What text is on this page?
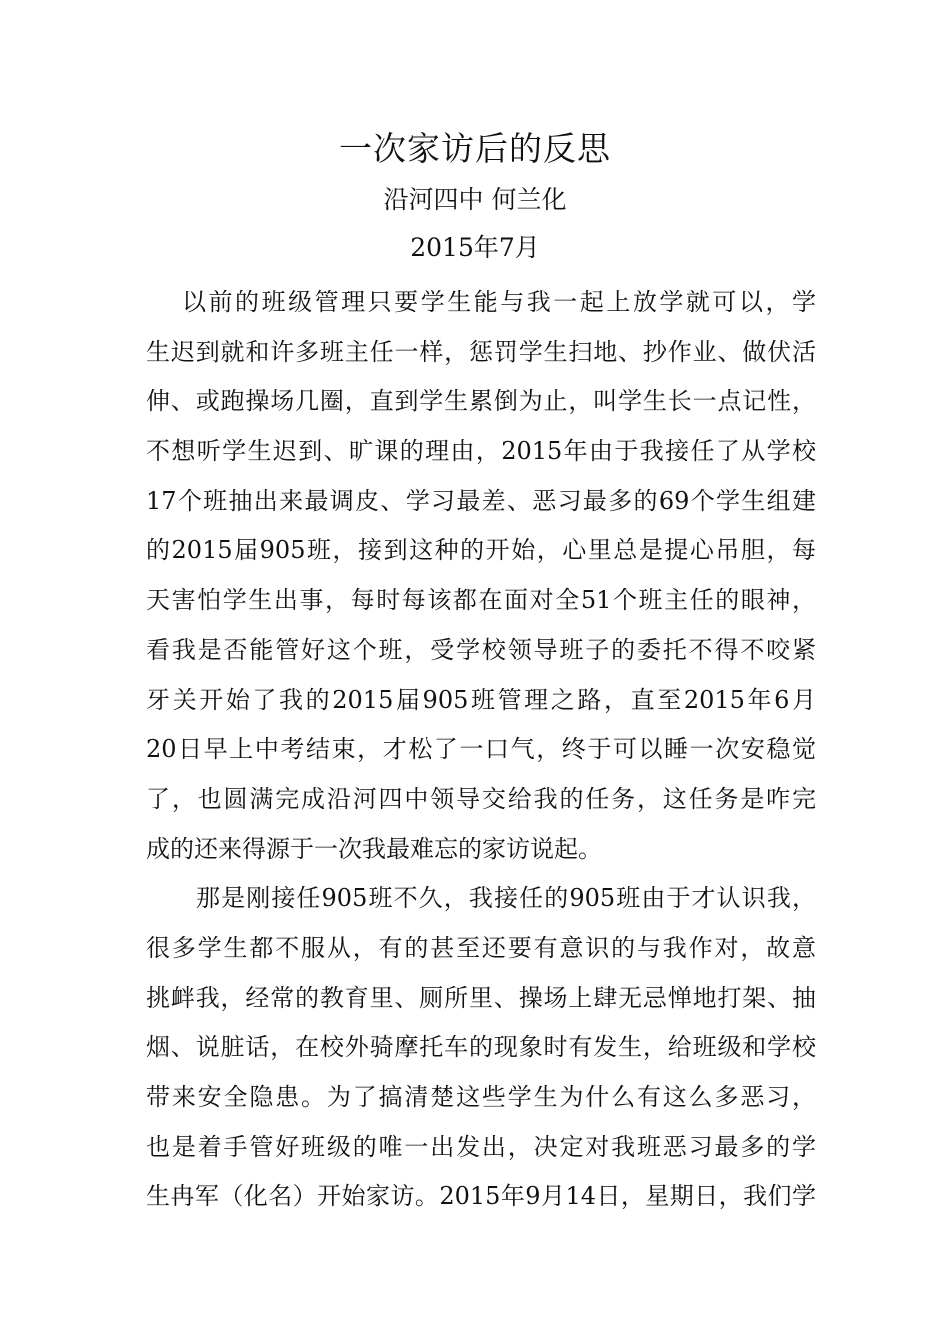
一次家访后的反思
沿河四中 何兰化
2015年7月
以前的班级管理只要学生能与我一起上放学就可以，学
生迟到就和许多班主任一样，惩罚学生扫地、抄作业、做伏活
伸、或跑操场几圈，直到学生累倒为止，叫学生长一点记性，
不想听学生迟到、旷课的理由，2015年由于我接任了从学校
17个班抽出来最调皮、学习最差、恶习最多的69个学生组建
的2015届905班，接到这种的开始，心里总是提心吊胆，每
天害怕学生出事，每时每该都在面对全51个班主任的眼神，
看我是否能管好这个班，受学校领导班子的委托不得不咬紧
牙关开始了我的2015届905班管理之路，直至2015年6月
20日早上中考结束，才松了一口气，终于可以睡一次安稳觉
了，也圆满完成沿河四中领导交给我的任务，这任务是咋完
成的还来得源于一次我最难忘的家访说起。
那是刚接任905班不久，我接任的905班由于才认识我，
很多学生都不服从，有的甚至还要有意识的与我作对，故意
挑衅我，经常的教育里、厕所里、操场上肆无忌惮地打架、抽
烟、说脏话，在校外骑摩托车的现象时有发生，给班级和学校
带来安全隐患。为了搞清楚这些学生为什么有这么多恶习，
也是着手管好班级的唯一出发出，决定对我班恶习最多的学
生冉军（化名）开始家访。2015年9月14日，星期日，我们学
